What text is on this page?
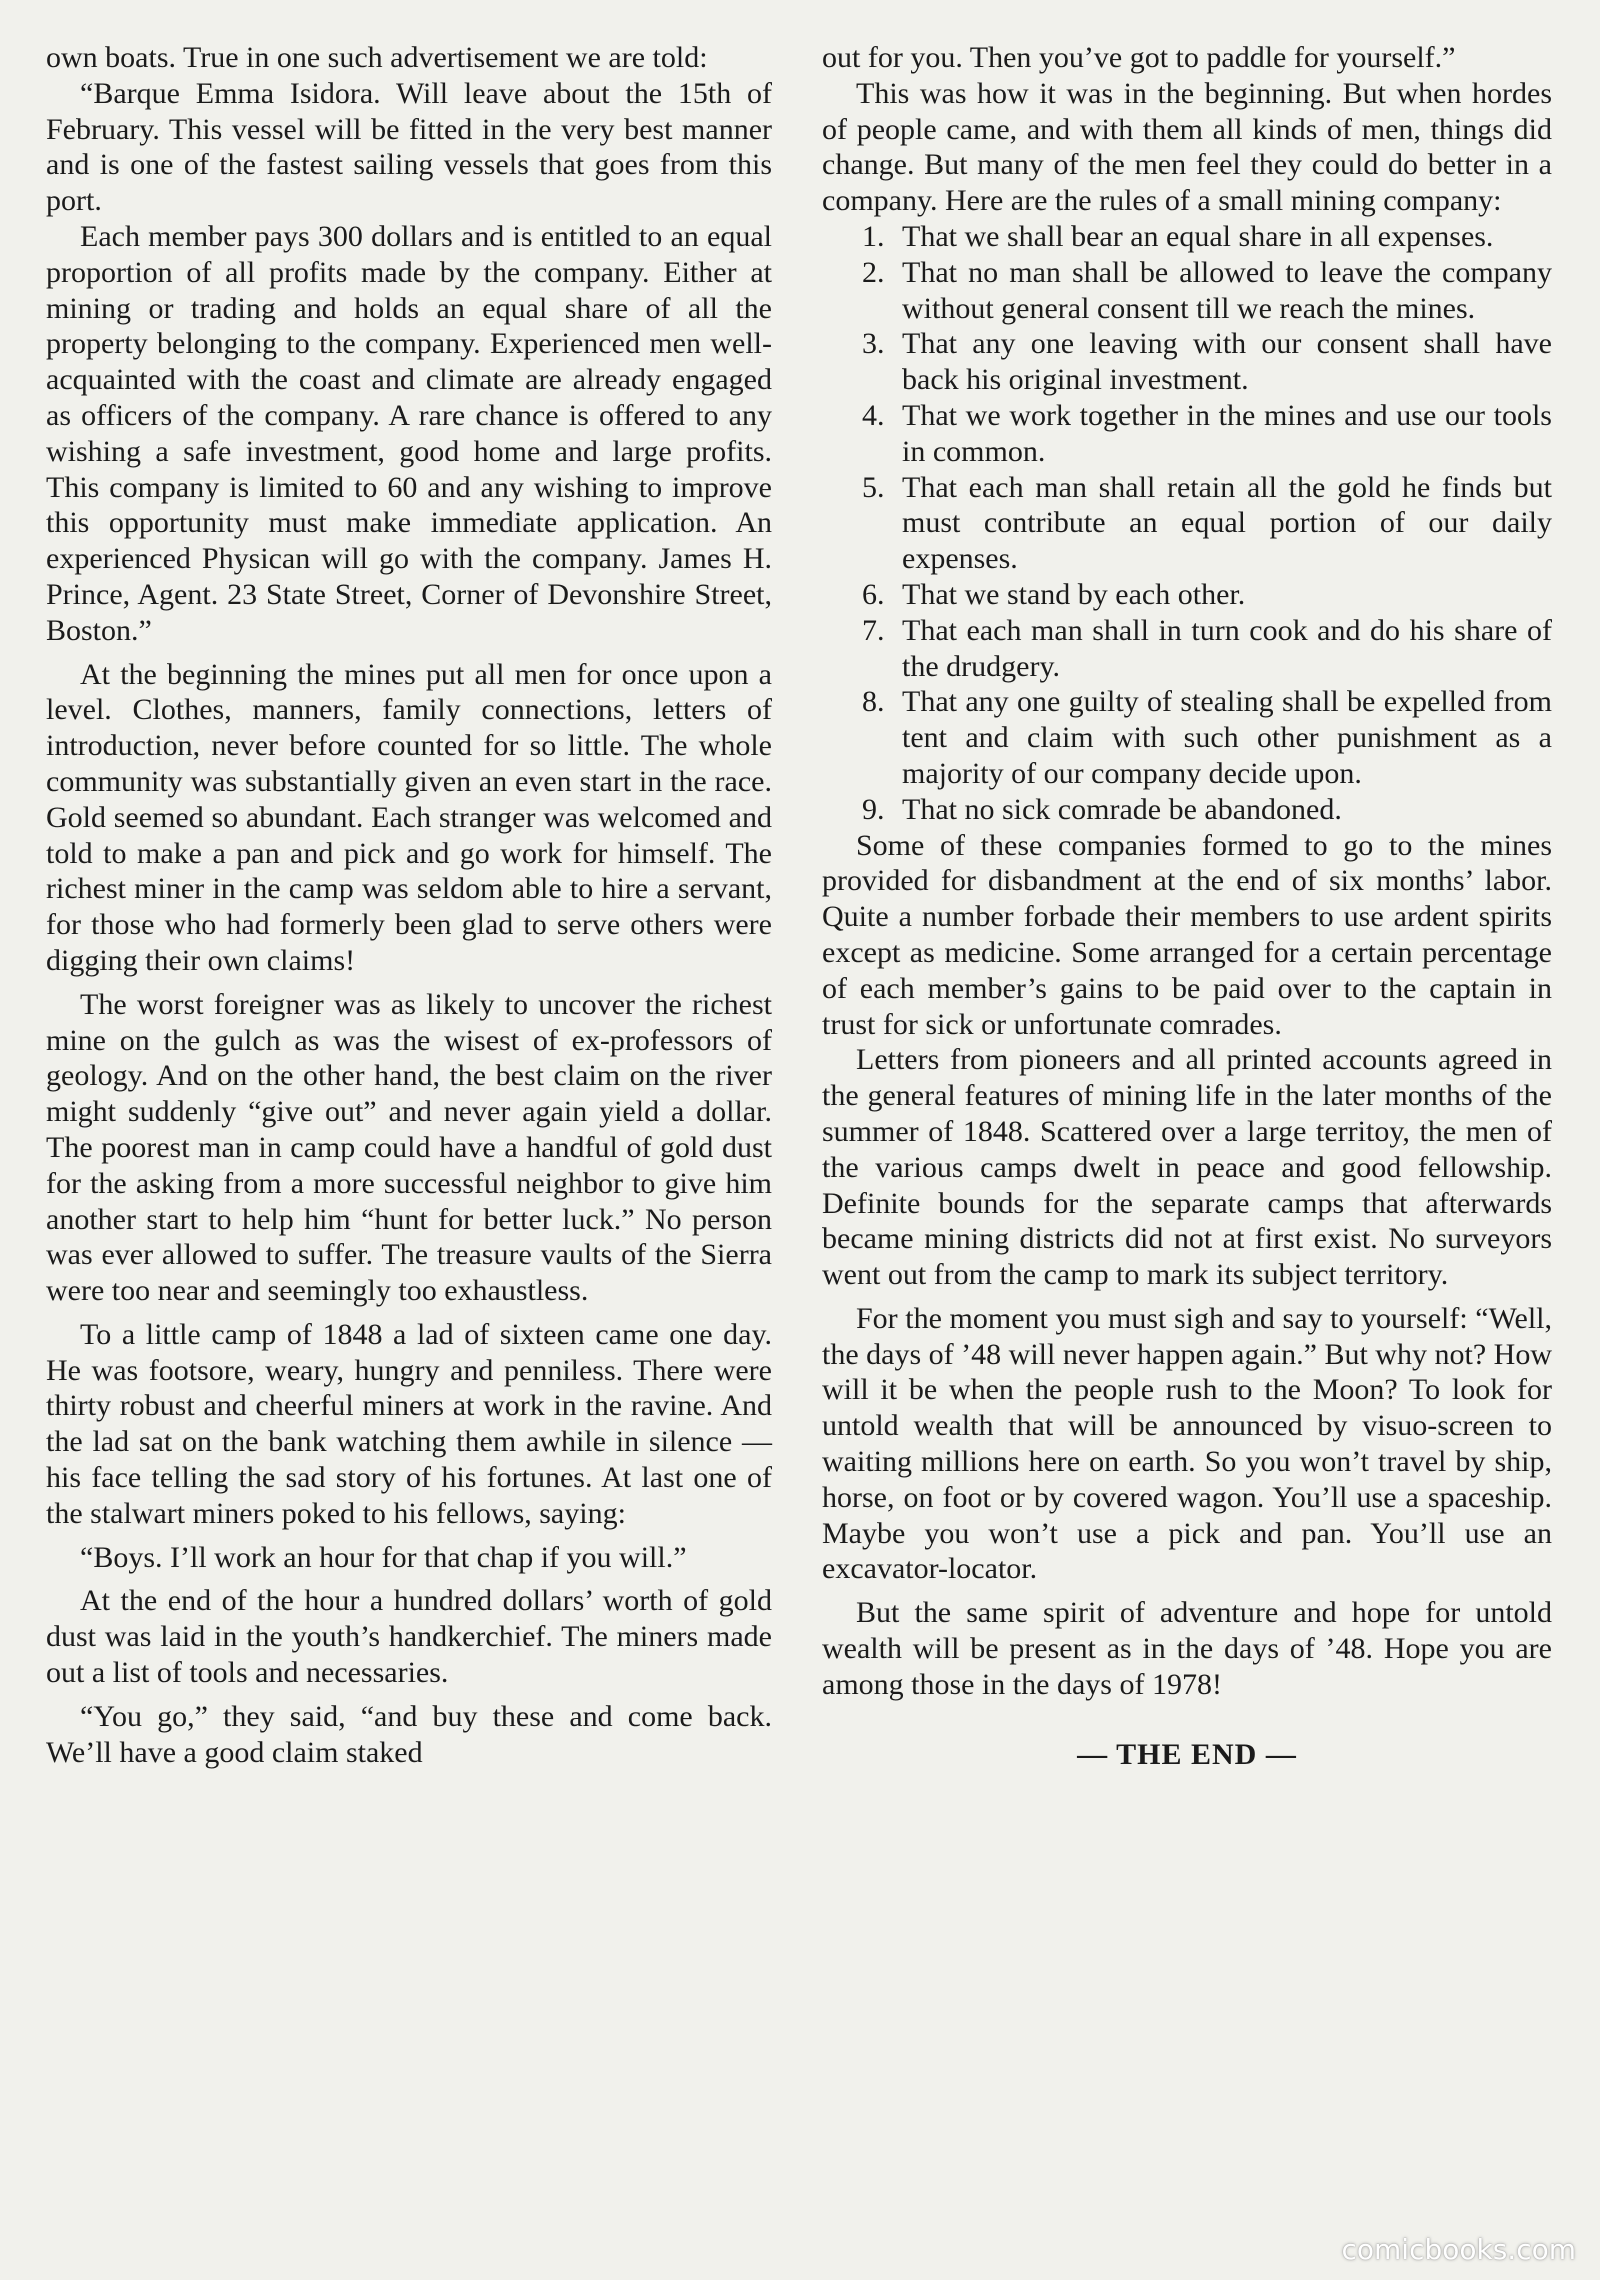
own boats. True in one such advertisement we are told:

“Barque Emma Isidora. Will leave about the 15th of February. This vessel will be fitted in the very best manner and is one of the fastest sailing vessels that goes from this port.

Each member pays 300 dollars and is entitled to an equal proportion of all profits made by the company. Either at mining or trading and holds an equal share of all the property belonging to the company. Experienced men well-acquainted with the coast and climate are already engaged as officers of the company. A rare chance is offered to any wishing a safe investment, good home and large profits. This company is limited to 60 and any wishing to improve this opportunity must make immediate application. An experienced Physican will go with the company. James H. Prince, Agent. 23 State Street, Corner of Devonshire Street, Boston.”

At the beginning the mines put all men for once upon a level. Clothes, manners, family connections, letters of introduction, never before counted for so little. The whole community was substantially given an even start in the race. Gold seemed so abundant. Each stranger was welcomed and told to make a pan and pick and go work for himself. The richest miner in the camp was seldom able to hire a servant, for those who had formerly been glad to serve others were digging their own claims!

The worst foreigner was as likely to uncover the richest mine on the gulch as was the wisest of ex-professors of geology. And on the other hand, the best claim on the river might suddenly “give out” and never again yield a dollar. The poorest man in camp could have a handful of gold dust for the asking from a more successful neighbor to give him another start to help him “hunt for better luck.” No person was ever allowed to suffer. The treasure vaults of the Sierra were too near and seemingly too exhaustless.

To a little camp of 1848 a lad of sixteen came one day. He was footsore, weary, hungry and penniless. There were thirty robust and cheerful miners at work in the ravine. And the lad sat on the bank watching them awhile in silence — his face telling the sad story of his fortunes. At last one of the stalwart miners poked to his fellows, saying:

“Boys. I’ll work an hour for that chap if you will.”

At the end of the hour a hundred dollars’ worth of gold dust was laid in the youth’s handkerchief. The miners made out a list of tools and necessaries.

“You go,” they said, “and buy these and come back. We’ll have a good claim staked

out for you. Then you’ve got to paddle for yourself.”

This was how it was in the beginning. But when hordes of people came, and with them all kinds of men, things did change. But many of the men feel they could do better in a company. Here are the rules of a small mining company:

1. That we shall bear an equal share in all expenses.
2. That no man shall be allowed to leave the company without general consent till we reach the mines.
3. That any one leaving with our consent shall have back his original investment.
4. That we work together in the mines and use our tools in common.
5. That each man shall retain all the gold he finds but must contribute an equal portion of our daily expenses.
6. That we stand by each other.
7. That each man shall in turn cook and do his share of the drudgery.
8. That any one guilty of stealing shall be expelled from tent and claim with such other punishment as a majority of our company decide upon.
9. That no sick comrade be abandoned.

Some of these companies formed to go to the mines provided for disbandment at the end of six months’ labor. Quite a number forbade their members to use ardent spirits except as medicine. Some arranged for a certain percentage of each member’s gains to be paid over to the captain in trust for sick or unfortunate comrades.

Letters from pioneers and all printed accounts agreed in the general features of mining life in the later months of the summer of 1848. Scattered over a large territoy, the men of the various camps dwelt in peace and good fellowship. Definite bounds for the separate camps that afterwards became mining districts did not at first exist. No surveyors went out from the camp to mark its subject territory.

For the moment you must sigh and say to yourself: “Well, the days of ’48 will never happen again.” But why not? How will it be when the people rush to the Moon? To look for untold wealth that will be announced by visuo-screen to waiting millions here on earth. So you won’t travel by ship, horse, on foot or by covered wagon. You’ll use a spaceship. Maybe you won’t use a pick and pan. You’ll use an excavator-locator.

But the same spirit of adventure and hope for untold wealth will be present as in the days of ’48. Hope you are among those in the days of 1978!

— THE END —
comicbooks.com
